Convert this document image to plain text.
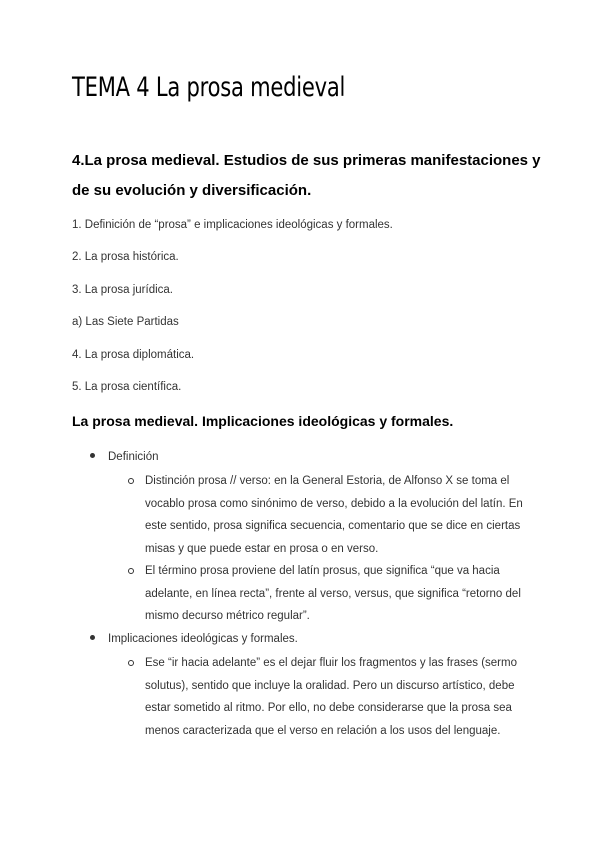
TEMA 4 La prosa medieval

4.La prosa medieval. Estudios de sus primeras manifestaciones y de su evolución y diversificación.

1. Definición de “prosa” e implicaciones ideológicas y formales.

2. La prosa histórica.

3. La prosa jurídica.

a) Las Siete Partidas

4. La prosa diplomática.

5. La prosa científica.

La prosa medieval. Implicaciones ideológicas y formales.

Definición
Distinción prosa // verso: en la General Estoria, de Alfonso X se toma el vocablo prosa como sinónimo de verso, debido a la evolución del latín. En este sentido, prosa significa secuencia, comentario que se dice en ciertas misas y que puede estar en prosa o en verso.
El término prosa proviene del latín prosus, que significa “que va hacia adelante, en línea recta”, frente al verso, versus, que significa “retorno del mismo decurso métrico regular”.
Implicaciones ideológicas y formales.
Ese “ir hacia adelante” es el dejar fluir los fragmentos y las frases (sermo solutus), sentido que incluye la oralidad. Pero un discurso artístico, debe estar sometido al ritmo. Por ello, no debe considerarse que la prosa sea menos caracterizada que el verso en relación a los usos del lenguaje.
